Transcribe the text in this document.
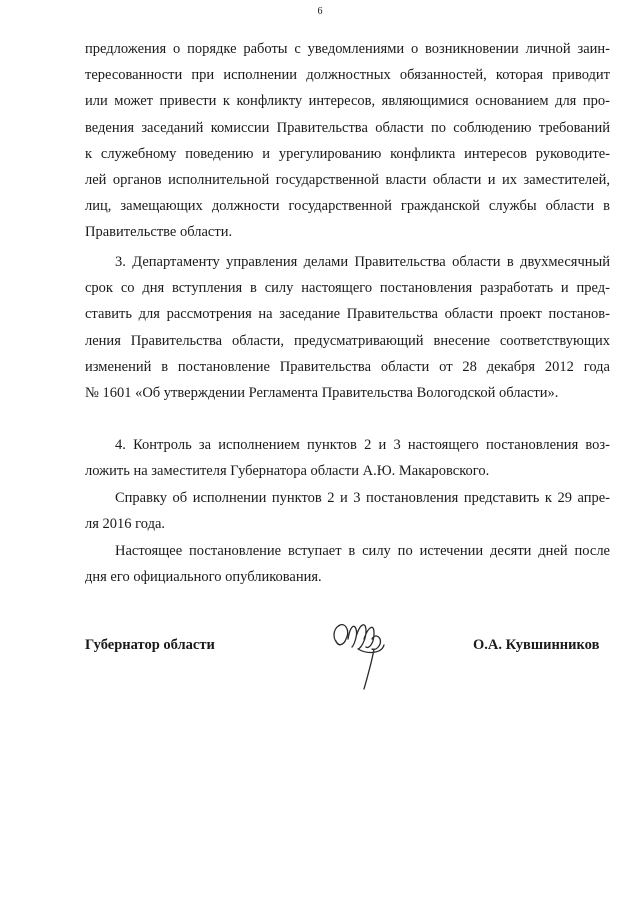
6
предложения о порядке работы с уведомлениями о возникновении личной заин-
тересованности при исполнении должностных обязанностей, которая приводит
или может привести к конфликту интересов, являющимися основанием для про-
ведения заседаний комиссии Правительства области по соблюдению требований
к служебному поведению и урегулированию конфликта интересов руководите-
лей органов исполнительной государственной власти области и их заместителей,
лиц, замещающих должности государственной гражданской службы области в
Правительстве области.
3. Департаменту управления делами Правительства области в двухмесячный
срок со дня вступления в силу настоящего постановления разработать и пред-
ставить для рассмотрения на заседание Правительства области проект постанов-
ления Правительства области, предусматривающий внесение соответствующих
изменений в постановление Правительства области от 28 декабря 2012 года
№ 1601 «Об утверждении Регламента Правительства Вологодской области».
4. Контроль за исполнением пунктов 2 и 3 настоящего постановления воз-
ложить на заместителя Губернатора области А.Ю. Макаровского.
Справку об исполнении пунктов 2 и 3 постановления представить к 29 апре-
ля 2016 года.
Настоящее постановление вступает в силу по истечении десяти дней после
дня его официального опубликования.
Губернатор области	О.А. Кувшинников
